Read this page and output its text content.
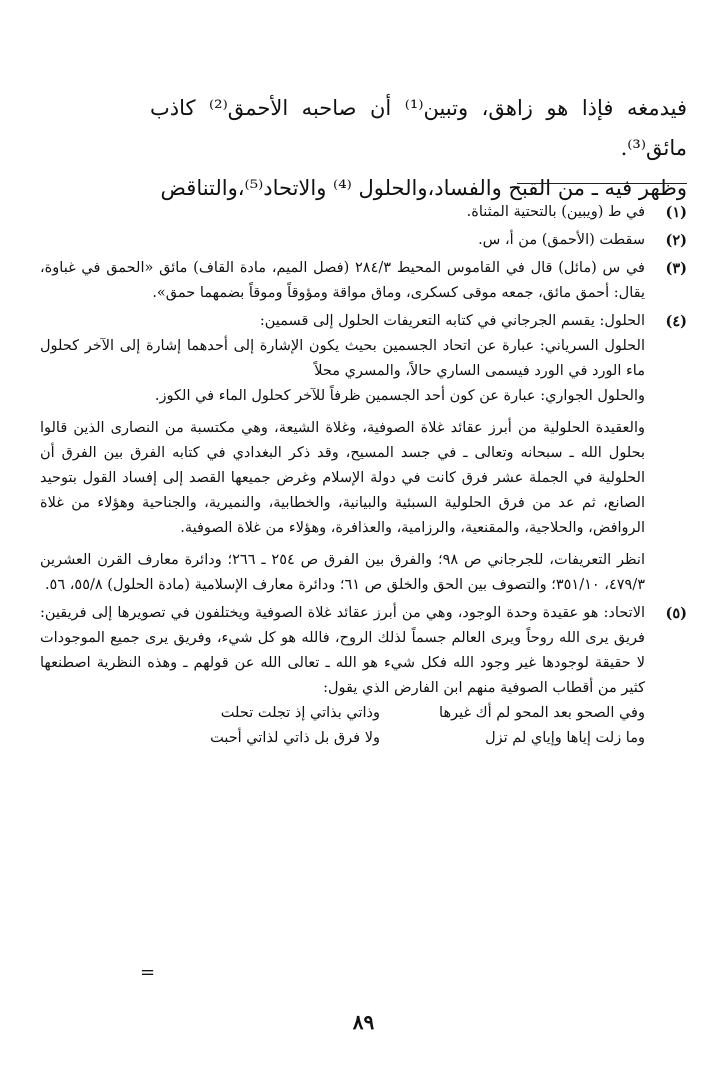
فيدمغه فإذا هو زاهق، وتبين⁽¹⁾ أن صاحبه الأحمق⁽²⁾ كاذب مائق⁽³⁾.

وظهر فيه ـ من القبح والفساد،والحلول ⁽⁴⁾ والاتحاد⁽⁵⁾،والتناقض

(١)
في ط (ويبين) بالتحتية المثناة.
(٢)
سقطت (الأحمق) من أ، س.
(٣)
في س (مائل) قال في القاموس المحيط ٢٨٤/٣ (فصل الميم، مادة القاف) مائق «الحمق في غباوة، يقال: أحمق مائق، جمعه موقى كسكرى، وماق مواقة ومؤوقاً وموقاً بضمهما حمق».
(٤)

الحلول: يقسم الجرجاني في كتابه التعريفات الحلول إلى قسمين:

الحلول السرياني: عبارة عن اتحاد الجسمين بحيث يكون الإشارة إلى أحدهما إشارة إلى الآخر كحلول ماء الورد في الورد فيسمى الساري حالاً، والمسري محلاً

والحلول الجواري: عبارة عن كون أحد الجسمين ظرفاً للآخر كحلول الماء في الكوز.

والعقيدة الحلولية من أبرز عقائد غلاة الصوفية، وغلاة الشيعة، وهي مكتسبة من النصارى الذين قالوا بحلول الله ـ سبحانه وتعالى ـ في جسد المسيح، وقد ذكر البغدادي في كتابه الفرق بين الفرق أن الحلولية في الجملة عشر فرق كانت في دولة الإسلام وغرض جميعها القصد إلى إفساد القول بتوحيد الصانع، ثم عد من فرق الحلولية السبئية والبيانية، والخطابية، والنميرية، والجناحية وهؤلاء من غلاة الروافض، والحلاجية، والمقنعية، والرزامية، والعذافرة، وهؤلاء من غلاة الصوفية.

انظر التعريفات، للجرجاني ص ٩٨؛ والفرق بين الفرق ص ٢٥٤ ـ ٢٦٦؛ ودائرة معارف القرن العشرين ٤٧٩/٣، ٣٥١/١٠؛ والتصوف بين الحق والخلق ص ٦١؛ ودائرة معارف الإسلامية (مادة الحلول) ٥٥/٨، ٥٦.

(٥)

الاتحاد: هو عقيدة وحدة الوجود، وهي من أبرز عقائد غلاة الصوفية ويختلفون في تصويرها إلى فريقين: فريق يرى الله روحاً ويرى العالم جسماً لذلك الروح، فالله هو كل شيء، وفريق يرى جميع الموجودات لا حقيقة لوجودها غير وجود الله فكل شيء هو الله ـ تعالى الله عن قولهم ـ وهذه النظرية اصطنعها كثير من أقطاب الصوفية منهم ابن الفارض الذي يقول:

وفي الصحو بعد المحو لم أك غيرها
وذاتي بذاتي إذ تجلت تحلت
وما زلت إياها وإياي لم تزل
ولا فرق بل ذاتي لذاتي أحبت
=
٨٩
